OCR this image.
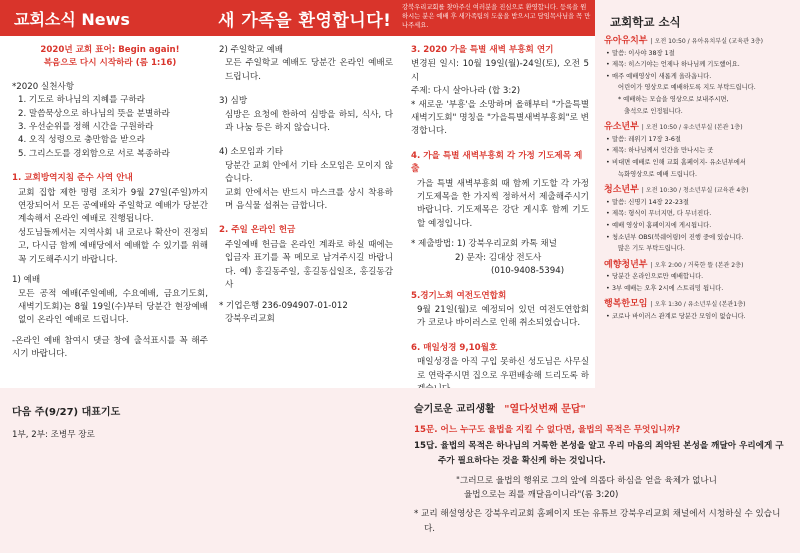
교회소식 News	새 가족을 환영합니다!
강북우리교회를 찾아주신 여러분을 진심으로 환영합니다. 등록을 원하시는 분은 예배 후 새가족팀의 도움을 받으시고 담임목사님을 꼭 만나주세요.
2020년 교회 표어: Begin again!
복음으로 다시 시작하라 (롬 1:16)
*2020 실천사항
1. 기도로 하나님의 지혜를 구하라
2. 말씀묵상으로 하나님의 뜻을 분별하라
3. 우선순위를 정해 시간을 구원하라
4. 오직 성령으로 충만함을 받으라
5. 그리스도를 경외함으로 서로 복종하라
1. 교회방역지침 준수 사역 안내

교회 집합 제한 명령 조치가 9월 27일(주일)까지 연장되어서 모든 공예배와 주일학교 예배가 당분간 계속해서 온라인 예배로 진행됩니다.

성도님들께서는 지역사회 내 코로나 확산이 진정되고, 다시금 함께 예배당에서 예배할 수 있기를 위해 꼭 기도해주시기 바랍니다.

1) 예배

모든 공적 예배(주일예배, 수요예배, 금요기도회, 새벽기도회)는 8월 19일(수)부터 당분간 현장예배 없이 온라인 예배로 드립니다.

-온라인 예배 참여시 댓글 창에 출석표시를 꼭 해주시기 바랍니다.

2) 주일학교 예배

모든 주일학교 예배도 당분간 온라인 예배로 드립니다.

3) 심방

심방은 요청에 한하여 심방을 하되, 식사, 다과 나눔 등은 하지 않습니다.

4) 소모임과 기타

당분간 교회 안에서 기타 소모임은 모이지 않습니다.

교회 안에서는 반드시 마스크를 상시 착용하며 음식물 섭취는 금합니다.

2. 주일 온라인 헌금

주일예배 헌금을 온라인 계좌로 하실 때에는 입금자 표기를 꼭 메모로 남겨주시길 바랍니다. 예) 홍길동주일, 홍길동십일조, 홍길동감사

* 기업은행 236-094907-01-012
강북우리교회
3. 2020 가을 특별 새벽 부흥회 연기

변경된 일시: 10월 19일(월)-24일(토), 오전 5시

주제: 다시 살아나라 (합 3:2)

* 새로운 '부흥'을 소망하며 올해부터 "가을특별새벽기도회" 명칭을 "가을특별새벽부흥회"로 변경합니다.

4. 가을 특별 새벽부흥회 각 가정 기도제목 제출

가을 특별 새벽부흥회 때 함께 기도할 각 가정 기도제목을 한 가지씩 정하셔서 제출해주시기 바랍니다. 기도제목은 강단 게시후 함께 기도할 예정입니다.

* 제출방법: 1) 강북우리교회 카톡 채널
2) 문자: 김대상 전도사
(010-9408-5394)
5.경기노회 여전도연합회

9월 21일(월)로 예정되어 있던 여전도연합회가 코로나 바이러스로 인해 취소되었습니다.

6. 매일성경 9,10월호

매일성경을 아직 구입 못하신 성도님은 사무실로 연락주시면 집으로 우편배송해 드리도록 하

교회학교 소식
유아유치부 | 오전 10:50 / 유아유치부실 (교육관 3층)
• 말씀: 이사야 38장 1절
• 제목: 히스기야는 언제나 하나님께 기도했어요.
• 매주 예배영상이 새롭게 올라옵니다.
어린이가 영상으로 예배하도록 지도 부탁드립니다.
* 예배하는 모습을 영상으로 보내주시면,
출석으로 인정됩니다.
유소년부 | 오전 10:50 / 유소년부실 (본관 1층)
• 말씀: 레위기 17장 3-6절
• 제목: 하나님께서 인간을 만나시는 곳
• 비대면 예배로 인해 교회 홈페이지- 유소년부에서
녹화영상으로 예배 드립니다.
청소년부 | 오전 10:30 / 청소년부실 (교육관 4층)
• 말씀: 신명기 14장 22-23절
• 제목: 형식이 무너지면, 다 무너진다.
• 예배 영상이 홈페이지에 게시됩니다.
• 청소년부 OBS(북쉐어링)이 진행 중에 있습니다.
많은 기도 부탁드립니다.
예향청년부 | 오후 2:00 / 거룩한 뜰 (본관 2층)
• 당분간 온라인으로만 예배합니다.
• 3부 예배는 오후 2시에 스트리밍 됩니다.
행복한모임 | 오후 1:30 / 유소년부실 (본관1층)
• 코로나 바이러스 관계로 당분간 모임이 없습니다.
다음 주(9/27) 대표기도
1부, 2부: 조병무 장로
슬기로운 교리생활 "열다섯번째 문답"
15문. 어느 누구도 율법을 지킬 수 없다면, 율법의 목적은 무엇입니까?
15답. 율법의 목적은 하나님의 거룩한 본성을 알고 우리 마음의 죄악된 본성을 깨달아 우리에게 구주가 필요하다는 것을 확신케 하는 것입니다.
"그러므로 율법의 행위로 그의 앞에 의롭다 하심을 얻을 육체가 없나니
율법으로는 죄를 깨달음이니라"(롬 3:20)
* 교리 해설영상은 강북우리교회 홈페이지 또는 유튜브 강북우리교회 채널에서 시청하실 수 있습니다.
